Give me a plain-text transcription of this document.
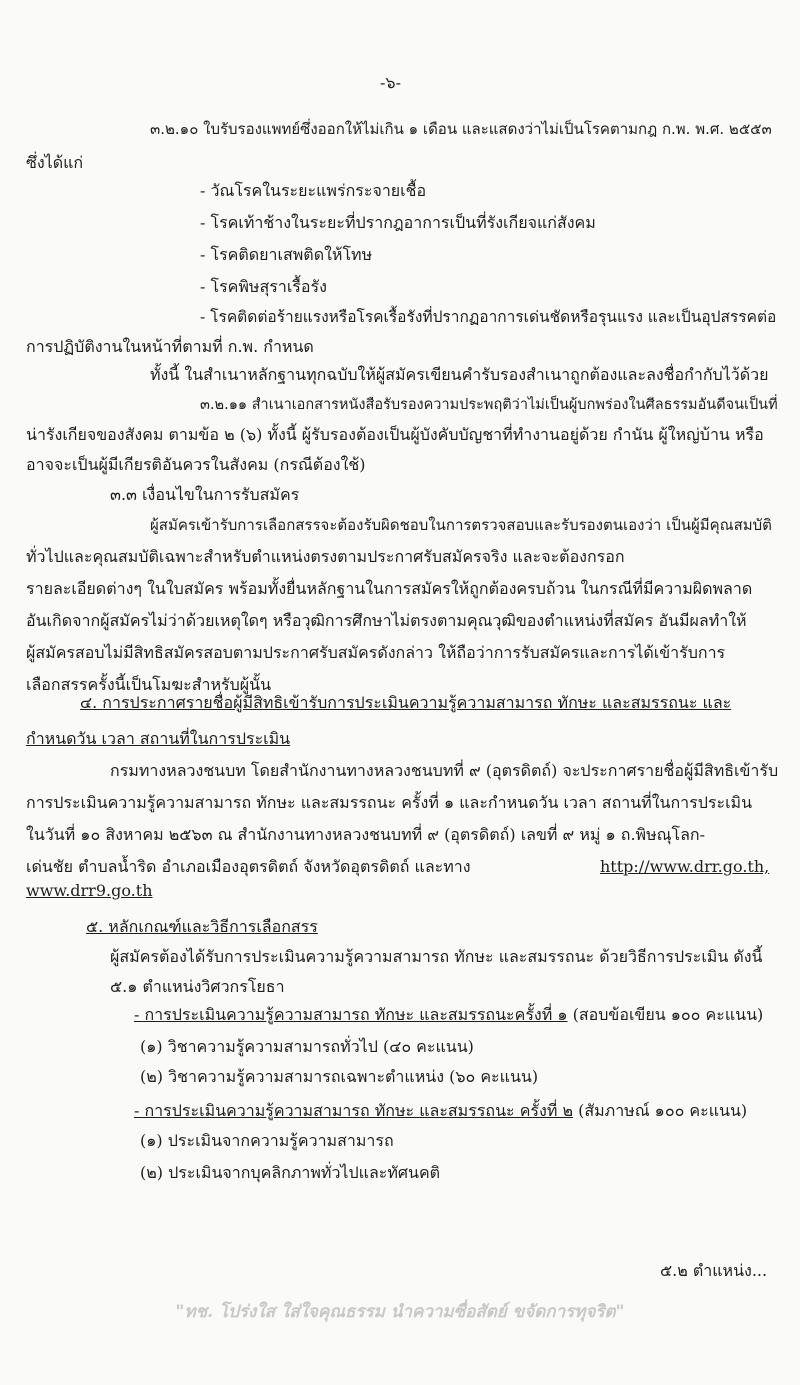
-๖-
๓.๒.๑๐ ใบรับรองแพทย์ซึ่งออกให้ไม่เกิน ๑ เดือน และแสดงว่าไม่เป็นโรคตามกฎ ก.พ. พ.ศ. ๒๕๕๓
ซึ่งได้แก่
- วัณโรคในระยะแพร่กระจายเชื้อ
- โรคเท้าช้างในระยะที่ปรากฎอาการเป็นที่รังเกียจแก่สังคม
- โรคติดยาเสพติดให้โทษ
- โรคพิษสุราเรื้อรัง
- โรคติดต่อร้ายแรงหรือโรคเรื้อรังที่ปรากฏอาการเด่นชัดหรือรุนแรง และเป็นอุปสรรคต่อ
การปฏิบัติงานในหน้าที่ตามที่ ก.พ. กำหนด
ทั้งนี้ ในสำเนาหลักฐานทุกฉบับให้ผู้สมัครเขียนคำรับรองสำเนาถูกต้องและลงชื่อกำกับไว้ด้วย
๓.๒.๑๑ สำเนาเอกสารหนังสือรับรองความประพฤติว่าไม่เป็นผู้บกพร่องในศีลธรรมอันดีจนเป็นที่
น่ารังเกียจของสังคม ตามข้อ ๒ (๖) ทั้งนี้ ผู้รับรองต้องเป็นผู้บังคับบัญชาที่ทำงานอยู่ด้วย กำนัน ผู้ใหญ่บ้าน หรือ
อาจจะเป็นผู้มีเกียรติอันควรในสังคม (กรณีต้องใช้)
๓.๓ เงื่อนไขในการรับสมัคร
ผู้สมัครเข้ารับการเลือกสรรจะต้องรับผิดชอบในการตรวจสอบและรับรองตนเองว่า เป็นผู้มีคุณสมบัติ
ทั่วไปและคุณสมบัติเฉพาะสำหรับตำแหน่งตรงตามประกาศรับสมัครจริง และจะต้องกรอก
รายละเอียดต่างๆ ในใบสมัคร พร้อมทั้งยื่นหลักฐานในการสมัครให้ถูกต้องครบถ้วน ในกรณีที่มีความผิดพลาด
อันเกิดจากผู้สมัครไม่ว่าด้วยเหตุใดๆ หรือวุฒิการศึกษาไม่ตรงตามคุณวุฒิของตำแหน่งที่สมัคร อันมีผลทำให้
ผู้สมัครสอบไม่มีสิทธิสมัครสอบตามประกาศรับสมัครดังกล่าว ให้ถือว่าการรับสมัครและการได้เข้ารับการ
เลือกสรรครั้งนี้เป็นโมฆะสำหรับผู้นั้น
๔. การประกาศรายชื่อผู้มีสิทธิเข้ารับการประเมินความรู้ความสามารถ ทักษะ และสมรรถนะ และ
กำหนดวัน เวลา สถานที่ในการประเมิน
กรมทางหลวงชนบท โดยสำนักงานทางหลวงชนบทที่ ๙ (อุตรดิตถ์) จะประกาศรายชื่อผู้มีสิทธิเข้ารับ
การประเมินความรู้ความสามารถ ทักษะ และสมรรถนะ ครั้งที่ ๑ และกำหนดวัน เวลา สถานที่ในการประเมิน
ในวันที่ ๑๐ สิงหาคม ๒๕๖๓ ณ สำนักงานทางหลวงชนบทที่ ๙ (อุตรดิตถ์) เลขที่ ๙ หมู่ ๑ ถ.พิษณุโลก-
เด่นชัย ตำบลน้ำริด อำเภอเมืองอุตรดิตถ์ จังหวัดอุตรดิตถ์ และทาง	http://www.drr.go.th,
www.drr9.go.th
๕. หลักเกณฑ์และวิธีการเลือกสรร
ผู้สมัครต้องได้รับการประเมินความรู้ความสามารถ ทักษะ และสมรรถนะ ด้วยวิธีการประเมิน ดังนี้
๕.๑ ตำแหน่งวิศวกรโยธา
- การประเมินความรู้ความสามารถ ทักษะ และสมรรถนะครั้งที่ ๑ (สอบข้อเขียน ๑๐๐ คะแนน)
(๑) วิชาความรู้ความสามารถทั่วไป (๔๐ คะแนน)
(๒) วิชาความรู้ความสามารถเฉพาะตำแหน่ง (๖๐ คะแนน)
- การประเมินความรู้ความสามารถ ทักษะ และสมรรถนะ ครั้งที่ ๒ (สัมภาษณ์ ๑๐๐ คะแนน)
(๑) ประเมินจากความรู้ความสามารถ
(๒) ประเมินจากบุคลิกภาพทั่วไปและทัศนคติ
๕.๒ ตำแหน่ง...
"ทช. โปร่งใส ใส่ใจคุณธรรม นำความซื่อสัตย์ ขจัดการทุจริต"
